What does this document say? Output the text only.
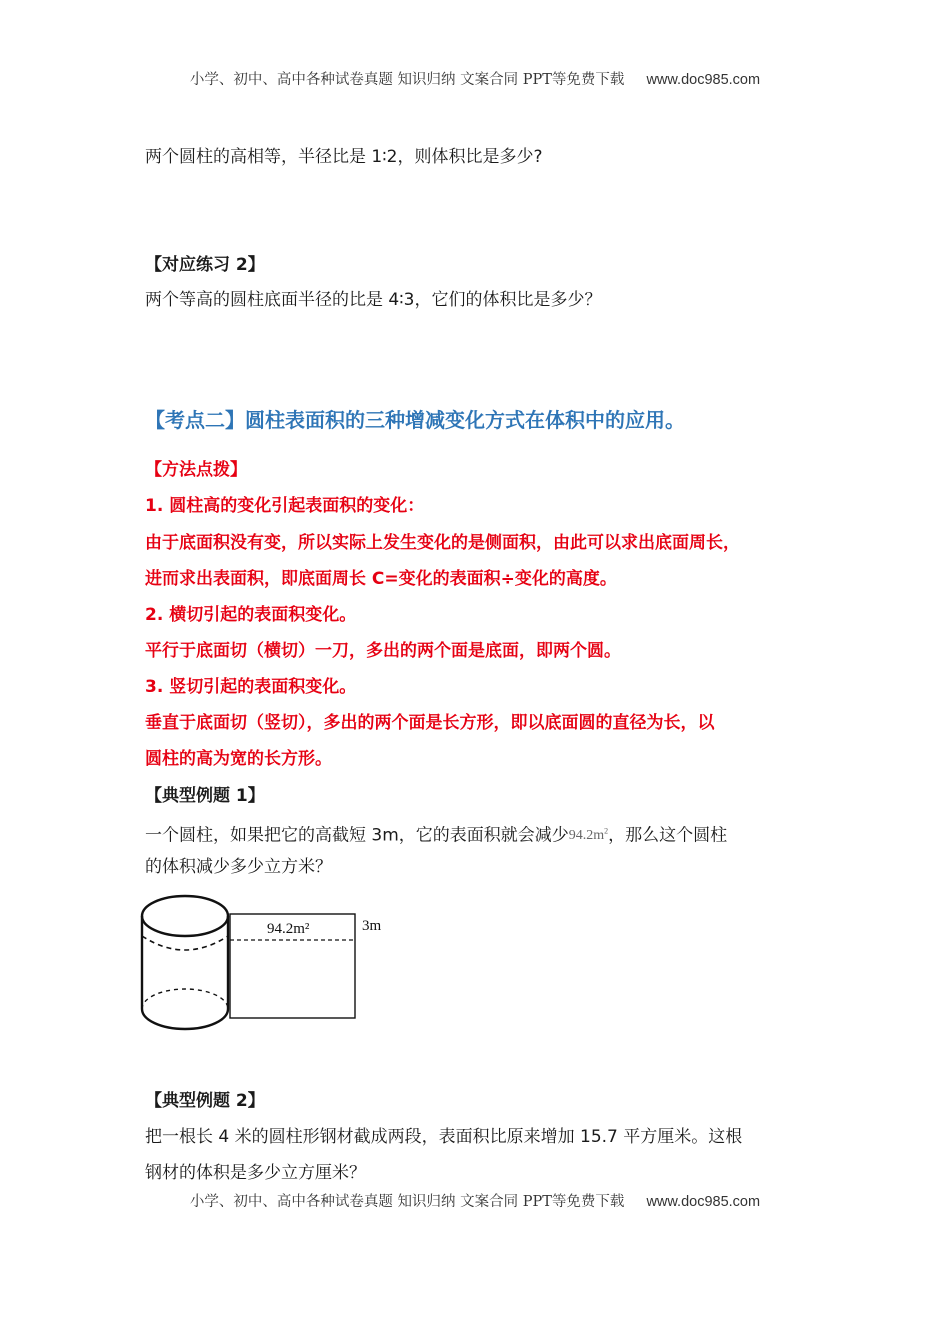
小学、初中、高中各种试卷真题 知识归纳 文案合同 PPT等免费下载 www.doc985.com
两个圆柱的高相等，半径比是 1∶2，则体积比是多少?
【对应练习 2】
两个等高的圆柱底面半径的比是 4∶3，它们的体积比是多少？
【考点二】圆柱表面积的三种增减变化方式在体积中的应用。
【方法点拨】
1. 圆柱高的变化引起表面积的变化：
由于底面积没有变，所以实际上发生变化的是侧面积，由此可以求出底面周长，
进而求出表面积，即底面周长 C=变化的表面积÷变化的高度。
2. 横切引起的表面积变化。
平行于底面切（横切）一刀，多出的两个面是底面，即两个圆。
3. 竖切引起的表面积变化。
垂直于底面切（竖切），多出的两个面是长方形，即以底面圆的直径为长，以
圆柱的高为宽的长方形。
【典型例题 1】
一个圆柱，如果把它的高截短 3m，它的表面积就会减少$94.2m^2$，那么这个圆柱
的体积减少多少立方米？
94.2m²	3m
【典型例题 2】
把一根长 4 米的圆柱形钢材截成两段，表面积比原来增加 15.7 平方厘米。这根
钢材的体积是多少立方厘米？
小学、初中、高中各种试卷真题 知识归纳 文案合同 PPT等免费下载 www.doc985.com
